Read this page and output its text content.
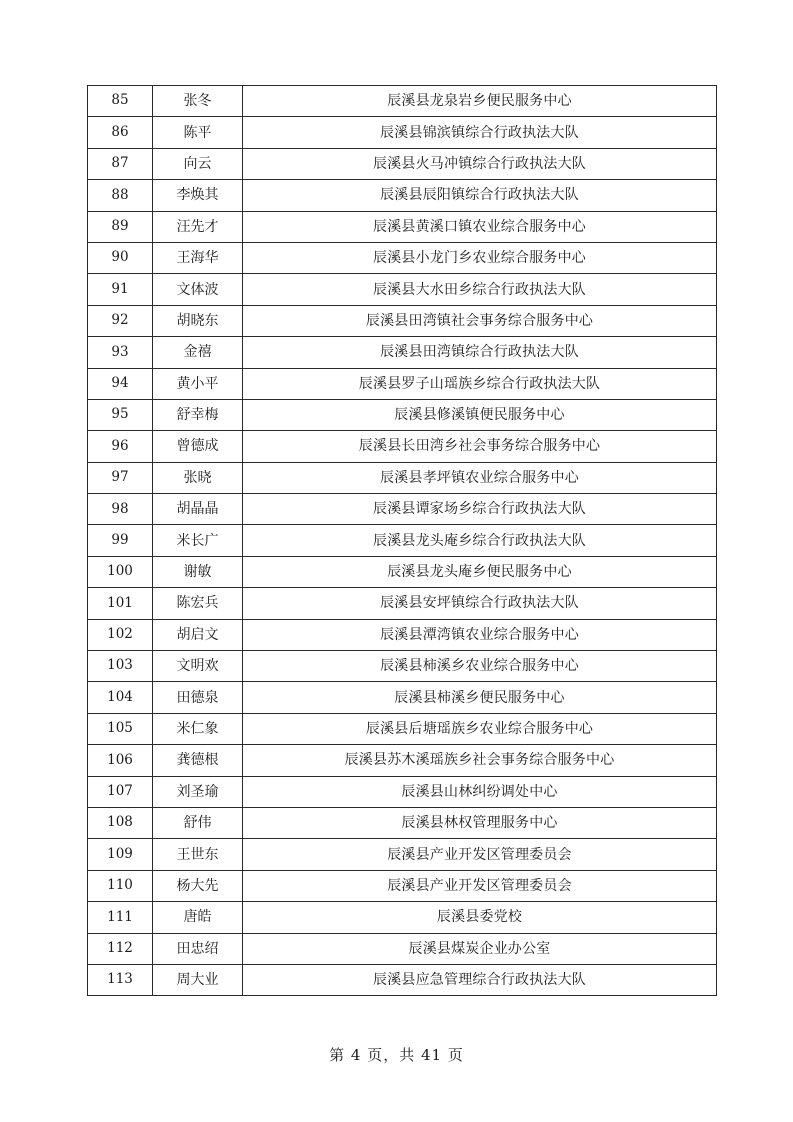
85	张冬	辰溪县龙泉岩乡便民服务中心
86	陈平	辰溪县锦滨镇综合行政执法大队
87	向云	辰溪县火马冲镇综合行政执法大队
88	李焕其	辰溪县辰阳镇综合行政执法大队
89	汪先才	辰溪县黄溪口镇农业综合服务中心
90	王海华	辰溪县小龙门乡农业综合服务中心
91	文体波	辰溪县大水田乡综合行政执法大队
92	胡晓东	辰溪县田湾镇社会事务综合服务中心
93	金禧	辰溪县田湾镇综合行政执法大队
94	黄小平	辰溪县罗子山瑶族乡综合行政执法大队
95	舒幸梅	辰溪县修溪镇便民服务中心
96	曾德成	辰溪县长田湾乡社会事务综合服务中心
97	张晓	辰溪县孝坪镇农业综合服务中心
98	胡晶晶	辰溪县谭家场乡综合行政执法大队
99	米长广	辰溪县龙头庵乡综合行政执法大队
100	谢敏	辰溪县龙头庵乡便民服务中心
101	陈宏兵	辰溪县安坪镇综合行政执法大队
102	胡启文	辰溪县潭湾镇农业综合服务中心
103	文明欢	辰溪县柿溪乡农业综合服务中心
104	田德泉	辰溪县柿溪乡便民服务中心
105	米仁象	辰溪县后塘瑶族乡农业综合服务中心
106	龚德根	辰溪县苏木溪瑶族乡社会事务综合服务中心
107	刘圣瑜	辰溪县山林纠纷调处中心
108	舒伟	辰溪县林权管理服务中心
109	王世东	辰溪县产业开发区管理委员会
110	杨大先	辰溪县产业开发区管理委员会
111	唐皓	辰溪县委党校
112	田忠绍	辰溪县煤炭企业办公室
113	周大业	辰溪县应急管理综合行政执法大队
第 4 页，共 41 页
